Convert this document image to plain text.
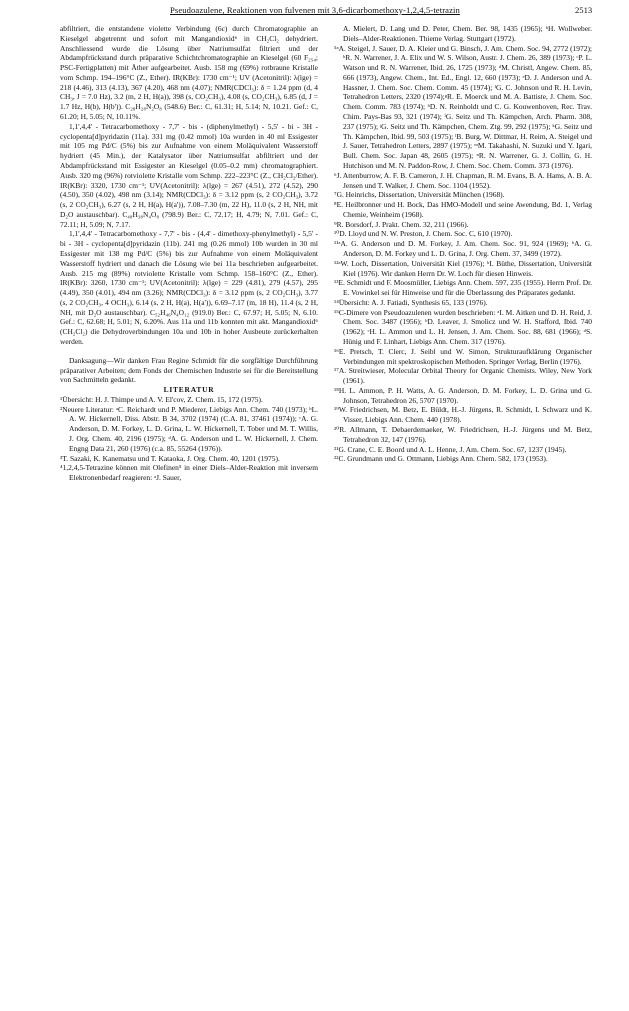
Pseudoazulene, Reaktionen von fulvenen mit 3,6-dicarbomethoxy-1,2,4,5-tetrazin	2513

abfiltriert, die entstandene violette Verbindung (6c) durch Chromatographie an Kieselgel abgetrennt und sofort mit Mangandioxid⁶ in CH₂Cl₂ dehydriert. Anschliessend wurde die Lösung über Natriumsulfat filtriert und der Abdampfrückstand durch präparative Schichtchromatographie an Kieselgel (60 F₂₅₄; PSC-Fertigplatten) mit Äther aufgearbeitet. Ausb. 158 mg (69%) rotbraune Kristalle vom Schmp. 194–196°C (Z., Ether). IR(KBr): 1730 cm⁻¹; UV (Acetonitril): λ(lge) = 218 (4.46), 313 (4.13), 367 (4.20), 468 nm (4.07); NMR(CDCl₃): δ = 1.24 ppm (d, 4 CH₃, J = 7.0 Hz), 3.2 (m, 2 H, H(a)), 398 (s, CO₂CH₃), 4.08 (s, CO₂CH₃), 6.85 (d, J = 1.7 Hz, H(b), H(b')). C₂₈H₂₈N₂O₈ (548.6) Ber.: C, 61.31; H, 5.14; N, 10.21. Gef.: C, 61.20; H, 5.05; N, 10.11%.

1,1',4,4' - Tetracarbomethoxy - 7,7' - bis - (diphenylmethyl) - 5,5' - bi - 3H - cyclopenta[d]pyridazin (11a). 331 mg (0.42 mmol) 10a wurden in 40 ml Essigester mit 105 mg Pd/C (5%) bis zur Aufnahme von einem Moläquivalent Wasserstoff hydriert (45 Min.), der Katalysator über Natriumsulfat abfiltriert und der Abdampfrückstand mit Essigester an Kieselgel (0.05–0.2 mm) chromatographiert. Ausb. 320 mg (96%) rotviolette Kristalle vom Schmp. 222–223°C (Z., CH₂Cl₂/Ether). IR(KBr): 3320, 1730 cm⁻¹; UV(Acetonitril): λ(lge) = 267 (4.51), 272 (4.52), 290 (4.50), 350 (4.02), 498 nm (3.14); NMR(CDCl₃): δ = 3.12 ppm (s, 2 CO₂CH₃), 3.72 (s, 2 CO₂CH₃), 6.27 (s, 2 H, H(a), H(a')), 7.08–7.30 (m, 22 H), 11.0 (s, 2 H, NH, mit D₂O austauschbar). C₄₈H₃₈N₄O₈ (798.9) Ber.: C, 72.17; H, 4.79; N, 7.01. Gef.: C, 72.11; H, 5.09; N, 7.17.

1,1',4,4' - Tetracarbomethoxy - 7,7' - bis - (4,4' - dimethoxy-phenylmethyl) - 5,5' - bi - 3H - cyclopenta[d]pyridazin (11b). 241 mg (0.26 mmol) 10b wurden in 30 ml Essigester mit 138 mg Pd/C (5%) bis zur Aufnahme von einem Moläquivalent Wasserstoff hydriert und danach die Lösung wie bei 11a beschrieben aufgearbeitet. Ausb. 215 mg (89%) rotviolette Kristalle vom Schmp. 158–160°C (Z., Ether). IR(KBr): 3260, 1730 cm⁻¹; UV(Acetonitril): λ(lge) = 229 (4.81), 279 (4.57), 295 (4.49), 350 (4.01), 494 nm (3.26); NMR(CDCl₃): δ = 3.12 ppm (s, 2 CO₂CH₃), 3.77 (s, 2 CO₂CH₃, 4 OCH₃), 6.14 (s, 2 H, H(a), H(a')), 6.69–7.17 (m, 18 H), 11.4 (s, 2 H, NH, mit D₂O austauschbar). C₅₂H₄₆N₄O₁₂ (919.0) Ber.: C, 67.97; H, 5.05; N, 6.10. Gef.: C, 62.68; H, 5.01; N, 6.20%. Aus 11a und 11b konnten mit akt. Mangandioxid⁶ (CH₂Cl₂) die Dehydroverbindungen 10a und 10b in hoher Ausbeute zurückerhalten werden.

Danksagung—Wir danken Frau Regine Schmidt für die sorgfältige Durchführung präparativer Arbeiten; dem Fonds der Chemischen Industrie sei für die Bereitstellung von Sachmitteln gedankt.

LITERATUR

¹Übersicht: H. J. Thimpe und A. V. El'cov, Z. Chem. 15, 172 (1975).

²Neuere Literatur: ᵃC. Reichardt und P. Miederer, Liebigs Ann. Chem. 740 (1973); ᵇL. A. W. Hickernell, Diss. Abstr. B 34, 3702 (1974) (C.A. 81, 37461 (1974)); ᶜA. G. Anderson, D. M. Forkey, L. D. Grina, L. W. Hickernell, T. Tober und M. T. Willis, J. Org. Chem. 40, 2196 (1975); ᵈA. G. Anderson und L. W. Hickernell, J. Chem. Engng Data 21, 260 (1976) (c.a. 85, 55264 (1976)).

³T. Sazaki, K. Kanematsu und T. Kataoka, J. Org. Chem. 40, 1201 (1975).

⁴1,2,4,5-Tetrazine können mit Olefinen⁵ in einer Diels–Alder-Reaktion mit inversem Elektronenbedarf reagieren: ᵃJ. Sauer,

A. Mielert, D. Lang und D. Peter, Chem. Ber. 98, 1435 (1965); ᵇH. Wollweber. Diels–Alder-Reaktionen. Thieme Verlag. Stuttgart (1972).

⁵ᵃA. Steigel, J. Sauer, D. A. Kleier und G. Binsch, J. Am. Chem. Soc. 94, 2772 (1972); ᵇR. N. Warrener, J. A. Elix und W. S. Wilson, Austr. J. Chem. 26, 389 (1973); ᶜP. L. Watson und R. N. Warrener, Ibid. 26, 1725 (1973); ᵈM. Christl, Angew. Chem. 85, 666 (1973), Angew. Chem., Int. Ed., Engl. 12, 660 (1973); ᵉD. J. Anderson und A. Hassner, J. Chem. Soc. Chem. Comm. 45 (1974); ᶠG. C. Johnson und R. H. Levin, Tetrahedron Letters, 2320 (1974);ᵍR. E. Moerck und M. A. Battiste, J. Chem. Soc. Chem. Comm. 783 (1974); ʰD. N. Reinholdt und C. G. Kouwenhoven, Rec. Trav. Chim. Pays-Bas 93, 321 (1974); ⁱG. Seitz und Th. Kämpchen, Arch. Pharm. 308, 237 (1975); ʲG. Seitz und Th. Kämpchen, Chem. Ztg. 99, 292 (1975); ᵏG. Seitz und Th. Kämpchen, Ibid. 99, 503 (1975); ˡB. Burg, W. Dittmar, H. Reim, A. Steigel und J. Sauer, Tetrahedron Letters, 2897 (1975); ᵐM. Takahashi, N. Suzuki und Y. Igari, Bull. Chem. Soc. Japan 48, 2605 (1975); ⁿR. N. Warrener, G. J. Collin, G. H. Hutchison und M. N. Paddon-Row, J. Chem. Soc. Chem. Comm. 373 (1976).

⁶J. Attenburrow, A. F. B. Cameron, J. H. Chapman, R. M. Evans, B. A. Hams, A. B. A. Jensen und T. Walker, J. Chem. Soc. 1104 (1952).

⁷G. Heinrichs, Dissertation, Universität München (1968).

⁸E. Heilbronner und H. Bock, Das HMO-Modell und seine Awendung, Bd. 1, Verlag Chemie, Weinheim (1968).

⁹R. Borsdorf, J. Prakt. Chem. 32, 211 (1966).

¹⁰D. Lloyd und N. W. Preston, J. Chem. Soc. C, 610 (1970).

¹¹ᵃA. G. Anderson und D. M. Forkey, J. Am. Chem. Soc. 91, 924 (1969); ᵇA. G. Anderson, D. M. Forkey und L. D. Grina, J. Org. Chem. 37, 3499 (1972).

¹²ᵃW. Loch, Dissertation, Universität Kiel (1976); ᵇI. Büthe, Dissertation, Universität Kiel (1976). Wir danken Herrn Dr. W. Loch für diesen Hinweis.

¹³E. Schmidt und F. Moosmüller, Liebigs Ann. Chem. 597, 235 (1955). Herrn Prof. Dr. E. Vowinkel sei für Hinweise und für die Überlassung des Präparates gedankt.

¹⁴Übersicht: A. J. Fatiadi, Synthesis 65, 133 (1976).

¹⁵C-Dimere von Pseudoazulenen wurden beschrieben: ᵃI. M. Aitken und D. H. Reid, J. Chem. Soc. 3487 (1956); ᵇD. Leaver, J. Smolicz und W. H. Stafford, Ibid. 740 (1962); ᶜH. L. Ammon und L. H. Jensen, J. Am. Chem. Soc. 88, 681 (1966); ᵈS. Hünig und F. Linhart, Liebigs Ann. Chem. 317 (1976).

¹⁶E. Pretsch, T. Clerc, J. Seibl und W. Simon, Strukturaufklärung Organischer Verbindungen mit spektroskopischen Methoden. Springer Verlag, Berlin (1976).

¹⁷A. Streitwieser, Molecular Orbital Theory for Organic Chemists. Wiley, New York (1961).

¹⁸H. L. Ammon, P. H. Watts, A. G. Anderson, D. M. Forkey, L. D. Grina und G. Johnson, Tetrahedron 26, 5707 (1970).

¹⁹W. Friedrichsen, M. Betz, E. Büldt, H.-J. Jürgens, R. Schmidt, I. Schwarz und K. Visser, Liebigs Ann. Chem. 440 (1978).

²⁰R. Allmann, T. Debaerdemaeker, W. Friedrichsen, H.-J. Jürgens und M. Betz, Tetrahedron 32, 147 (1976).

²¹G. Crane, C. E. Boord und A. L. Henne, J. Am. Chem. Soc. 67, 1237 (1945).

²²C. Grundmann und G. Ottmann, Liebigs Ann. Chem. 582, 173 (1953).
